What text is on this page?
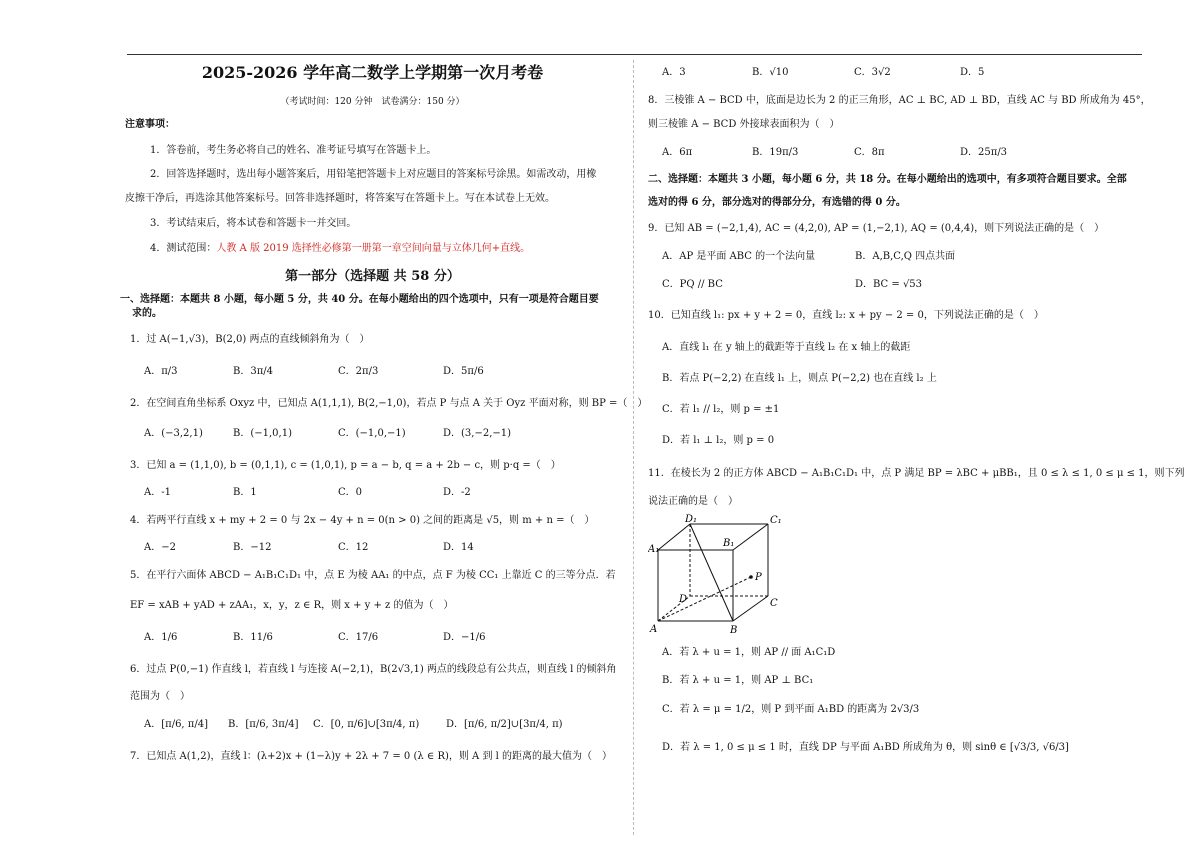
2025-2026 学年高二数学上学期第一次月考卷
（考试时间：120 分钟　试卷满分：150 分）
注意事项：
1．答卷前，考生务必将自己的姓名、准考证号填写在答题卡上。
2．回答选择题时，选出每小题答案后，用铅笔把答题卡上对应题目的答案标号涂黑。如需改动，用橡
皮擦干净后，再选涂其他答案标号。回答非选择题时，将答案写在答题卡上。写在本试卷上无效。
3．考试结束后，将本试卷和答题卡一并交回。
4．测试范围：人教 A 版 2019 选择性必修第一册第一章空间向量与立体几何+直线。
第一部分（选择题 共 58 分）
一、选择题：本题共 8 小题，每小题 5 分，共 40 分。在每小题给出的四个选项中，只有一项是符合题目要
求的。
1．过 A(−1,√3)，B(2,0) 两点的直线倾斜角为（　）
A．π/3	B．3π/4	C．2π/3	D．5π/6
2．在空间直角坐标系 Oxyz 中，已知点 A(1,1,1), B(2,−1,0)，若点 P 与点 A 关于 Oyz 平面对称，则 BP =（　）
A．(−3,2,1)	B．(−1,0,1)	C．(−1,0,−1)	D．(3,−2,−1)
3．已知 a = (1,1,0), b = (0,1,1), c = (1,0,1), p = a − b, q = a + 2b − c，则 p·q =（　）
A．-1	B．1	C．0	D．-2
4．若两平行直线 x + my + 2 = 0 与 2x − 4y + n = 0(n > 0) 之间的距离是 √5，则 m + n =（　）
A．−2	B．−12	C．12	D．14
5．在平行六面体 ABCD − A₁B₁C₁D₁ 中，点 E 为棱 AA₁ 的中点，点 F 为棱 CC₁ 上靠近 C 的三等分点．若
EF = xAB + yAD + zAA₁，x，y，z ∈ R，则 x + y + z 的值为（　）
A．1/6	B．11/6	C．17/6	D．−1/6
6．过点 P(0,−1) 作直线 l，若直线 l 与连接 A(−2,1)，B(2√3,1) 两点的线段总有公共点，则直线 l 的倾斜角
范围为（　）
A．[π/6, π/4] B．[π/6, 3π/4] C．[0, π/6]∪[3π/4, π)	D．[π/6, π/2]∪[3π/4, π)
7．已知点 A(1,2)，直线 l：(λ+2)x + (1−λ)y + 2λ + 7 = 0 (λ ∈ R)，则 A 到 l 的距离的最大值为（　）
A．3	B．√10	C．3√2	D．5
8．三棱锥 A − BCD 中，底面是边长为 2 的正三角形，AC ⊥ BC, AD ⊥ BD，直线 AC 与 BD 所成角为 45°，
则三棱锥 A − BCD 外接球表面积为（　）
A．6π	B．19π/3	C．8π	D．25π/3
二、选择题：本题共 3 小题，每小题 6 分，共 18 分。在每小题给出的选项中，有多项符合题目要求。全部
选对的得 6 分，部分选对的得部分分，有选错的得 0 分。
9．已知 AB = (−2,1,4), AC = (4,2,0), AP = (1,−2,1), AQ = (0,4,4)，则下列说法正确的是（　）
A．AP 是平面 ABC 的一个法向量	B．A,B,C,Q 四点共面
C．PQ // BC	D．BC = √53
10．已知直线 l₁: px + y + 2 = 0，直线 l₂: x + py − 2 = 0，下列说法正确的是（　）
A．直线 l₁ 在 y 轴上的截距等于直线 l₂ 在 x 轴上的截距
B．若点 P(−2,2) 在直线 l₁ 上，则点 P(−2,2) 也在直线 l₂ 上
C．若 l₁ // l₂，则 p = ±1
D．若 l₁ ⊥ l₂，则 p = 0
11．在棱长为 2 的正方体 ABCD − A₁B₁C₁D₁ 中，点 P 满足 BP = λBC + μBB₁，且 0 ≤ λ ≤ 1, 0 ≤ μ ≤ 1，则下列
说法正确的是（　）
D₁	C₁
A₁
B₁
P
D	C
A	B
A．若 λ + u = 1，则 AP // 面 A₁C₁D
B．若 λ + u = 1，则 AP ⊥ BC₁
C．若 λ = μ = 1/2，则 P 到平面 A₁BD 的距离为 2√3/3
D．若 λ = 1, 0 ≤ μ ≤ 1 时，直线 DP 与平面 A₁BD 所成角为 θ，则 sinθ ∈ [√3/3, √6/3]
